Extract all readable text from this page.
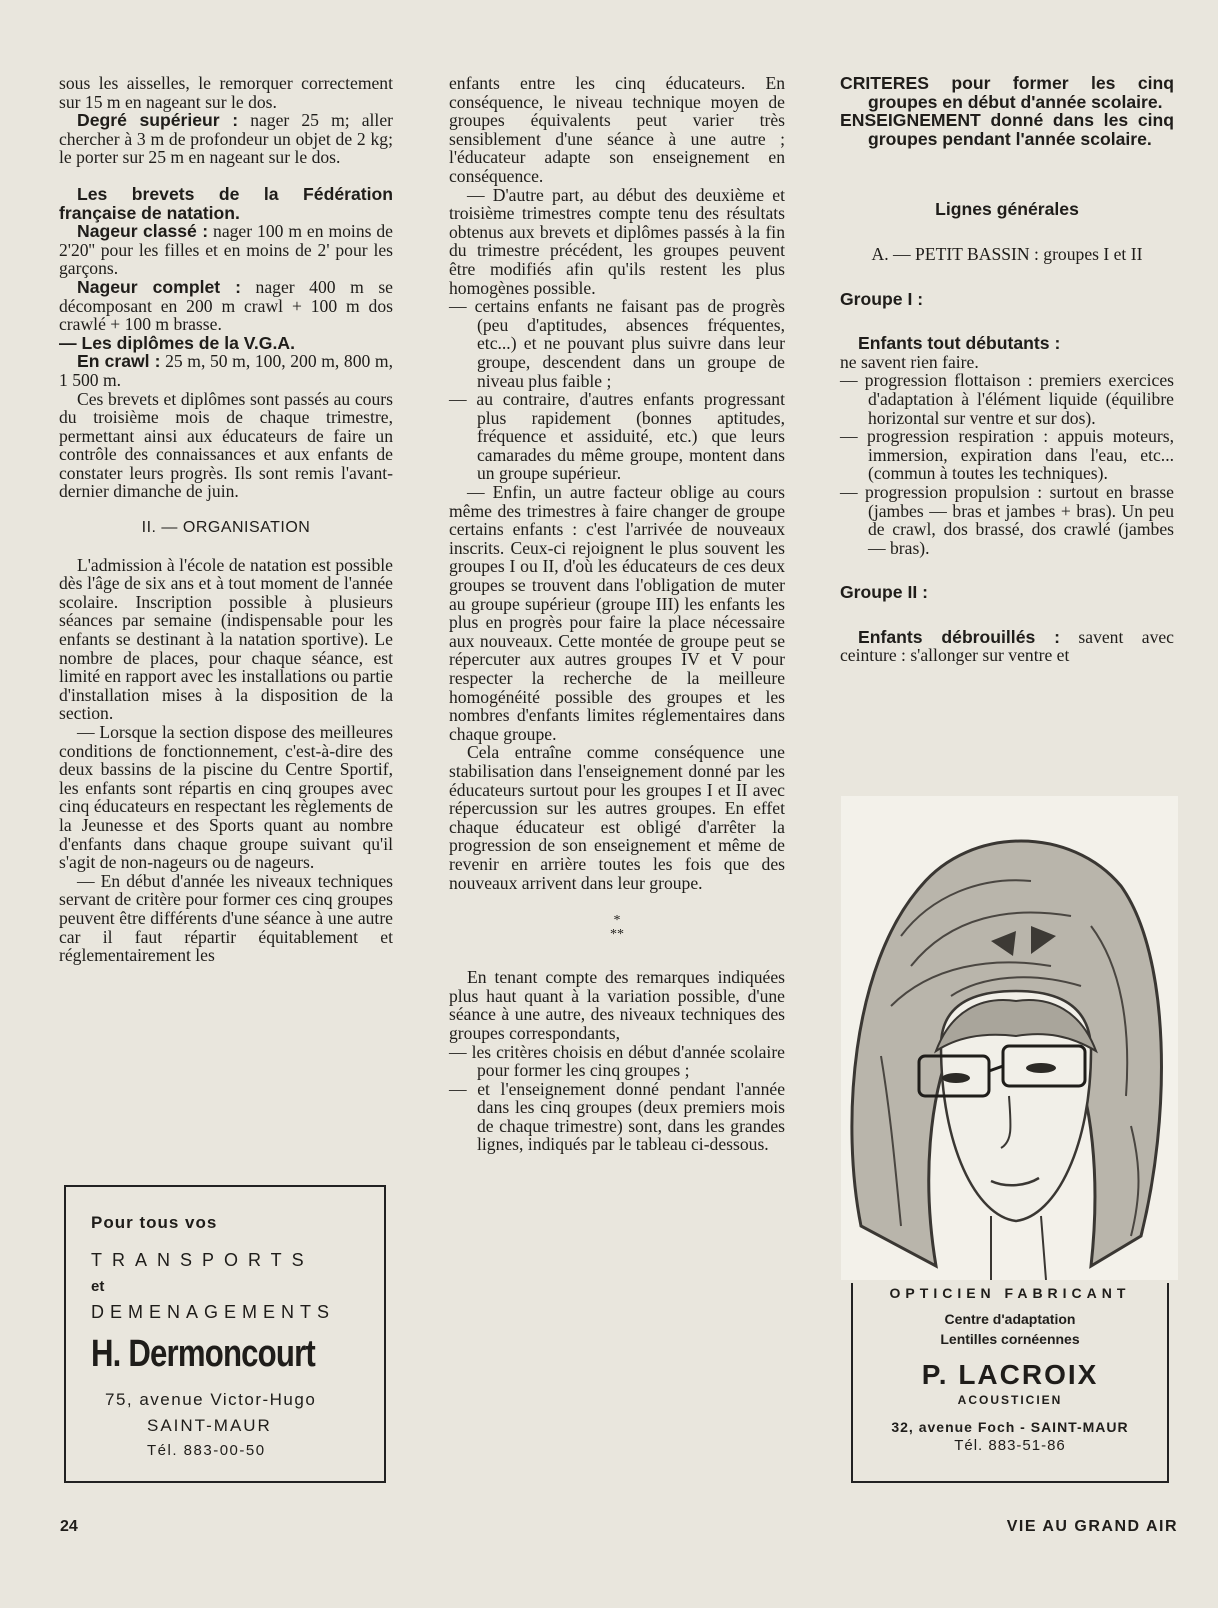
sous les aisselles, le remorquer correctement sur 15 m en nageant sur le dos.

Degré supérieur : nager 25 m; aller chercher à 3 m de profondeur un objet de 2 kg; le porter sur 25 m en nageant sur le dos.

Les brevets de la Fédération française de natation.

Nageur classé : nager 100 m en moins de 2'20'' pour les filles et en moins de 2' pour les garçons.

Nageur complet : nager 400 m se décomposant en 200 m crawl + 100 m dos crawlé + 100 m brasse.

— Les diplômes de la V.G.A.

En crawl : 25 m, 50 m, 100, 200 m, 800 m, 1 500 m.

Ces brevets et diplômes sont passés au cours du troisième mois de chaque trimestre, permettant ainsi aux éducateurs de faire un contrôle des connaissances et aux enfants de constater leurs progrès. Ils sont remis l'avant-dernier dimanche de juin.

II. — ORGANISATION

L'admission à l'école de natation est possible dès l'âge de six ans et à tout moment de l'année scolaire. Inscription possible à plusieurs séances par semaine (indispensable pour les enfants se destinant à la natation sportive). Le nombre de places, pour chaque séance, est limité en rapport avec les installations ou partie d'installation mises à la disposition de la section.

— Lorsque la section dispose des meilleures conditions de fonctionnement, c'est-à-dire des deux bassins de la piscine du Centre Sportif, les enfants sont répartis en cinq groupes avec cinq éducateurs en respectant les règlements de la Jeunesse et des Sports quant au nombre d'enfants dans chaque groupe suivant qu'il s'agit de non-nageurs ou de nageurs.

— En début d'année les niveaux techniques servant de critère pour former ces cinq groupes peuvent être différents d'une séance à une autre car il faut répartir équitablement et réglementairement les

enfants entre les cinq éducateurs. En conséquence, le niveau technique moyen de groupes équivalents peut varier très sensiblement d'une séance à une autre ; l'éducateur adapte son enseignement en conséquence.

— D'autre part, au début des deuxième et troisième trimestres compte tenu des résultats obtenus aux brevets et diplômes passés à la fin du trimestre précédent, les groupes peuvent être modifiés afin qu'ils restent les plus homogènes possible.

— certains enfants ne faisant pas de progrès (peu d'aptitudes, absences fréquentes, etc...) et ne pouvant plus suivre dans leur groupe, descendent dans un groupe de niveau plus faible ;

— au contraire, d'autres enfants progressant plus rapidement (bonnes aptitudes, fréquence et assiduité, etc.) que leurs camarades du même groupe, montent dans un groupe supérieur.

— Enfin, un autre facteur oblige au cours même des trimestres à faire changer de groupe certains enfants : c'est l'arrivée de nouveaux inscrits. Ceux-ci rejoignent le plus souvent les groupes I ou II, d'où les éducateurs de ces deux groupes se trouvent dans l'obligation de muter au groupe supérieur (groupe III) les enfants les plus en progrès pour faire la place nécessaire aux nouveaux. Cette montée de groupe peut se répercuter aux autres groupes IV et V pour respecter la recherche de la meilleure homogénéité possible des groupes et les nombres d'enfants limites réglementaires dans chaque groupe.

Cela entraîne comme conséquence une stabilisation dans l'enseignement donné par les éducateurs surtout pour les groupes I et II avec répercussion sur les autres groupes. En effet chaque éducateur est obligé d'arrêter la progression de son enseignement et même de revenir en arrière toutes les fois que des nouveaux arrivent dans leur groupe.

*
**

En tenant compte des remarques indiquées plus haut quant à la variation possible, d'une séance à une autre, des niveaux techniques des groupes correspondants,

— les critères choisis en début d'année scolaire pour former les cinq groupes ;

— et l'enseignement donné pendant l'année dans les cinq groupes (deux premiers mois de chaque trimestre) sont, dans les grandes lignes, indiqués par le tableau ci-dessous.

CRITERES pour former les cinq groupes en début d'année scolaire.

ENSEIGNEMENT donné dans les cinq groupes pendant l'année scolaire.

Lignes générales

A. — PETIT BASSIN : groupes I et II

Groupe I :

Enfants tout débutants :

ne savent rien faire.

— progression flottaison : premiers exercices d'adaptation à l'élément liquide (équilibre horizontal sur ventre et sur dos).

— progression respiration : appuis moteurs, immersion, expiration dans l'eau, etc... (commun à toutes les techniques).

— progression propulsion : surtout en brasse (jambes — bras et jambes + bras). Un peu de crawl, dos brassé, dos crawlé (jambes — bras).

Groupe II :

Enfants débrouillés : savent avec ceinture : s'allonger sur ventre et

Pour tous vos
TRANSPORTS
et
DEMENAGEMENTS
H. Dermoncourt
75, avenue Victor-Hugo
SAINT-MAUR
Tél. 883-00-50
OPTICIEN FABRICANT
Centre d'adaptation
Lentilles cornéennes
P. LACROIX
ACOUSTICIEN
32, avenue Foch - SAINT-MAUR
Tél. 883-51-86
24	VIE AU GRAND AIR
